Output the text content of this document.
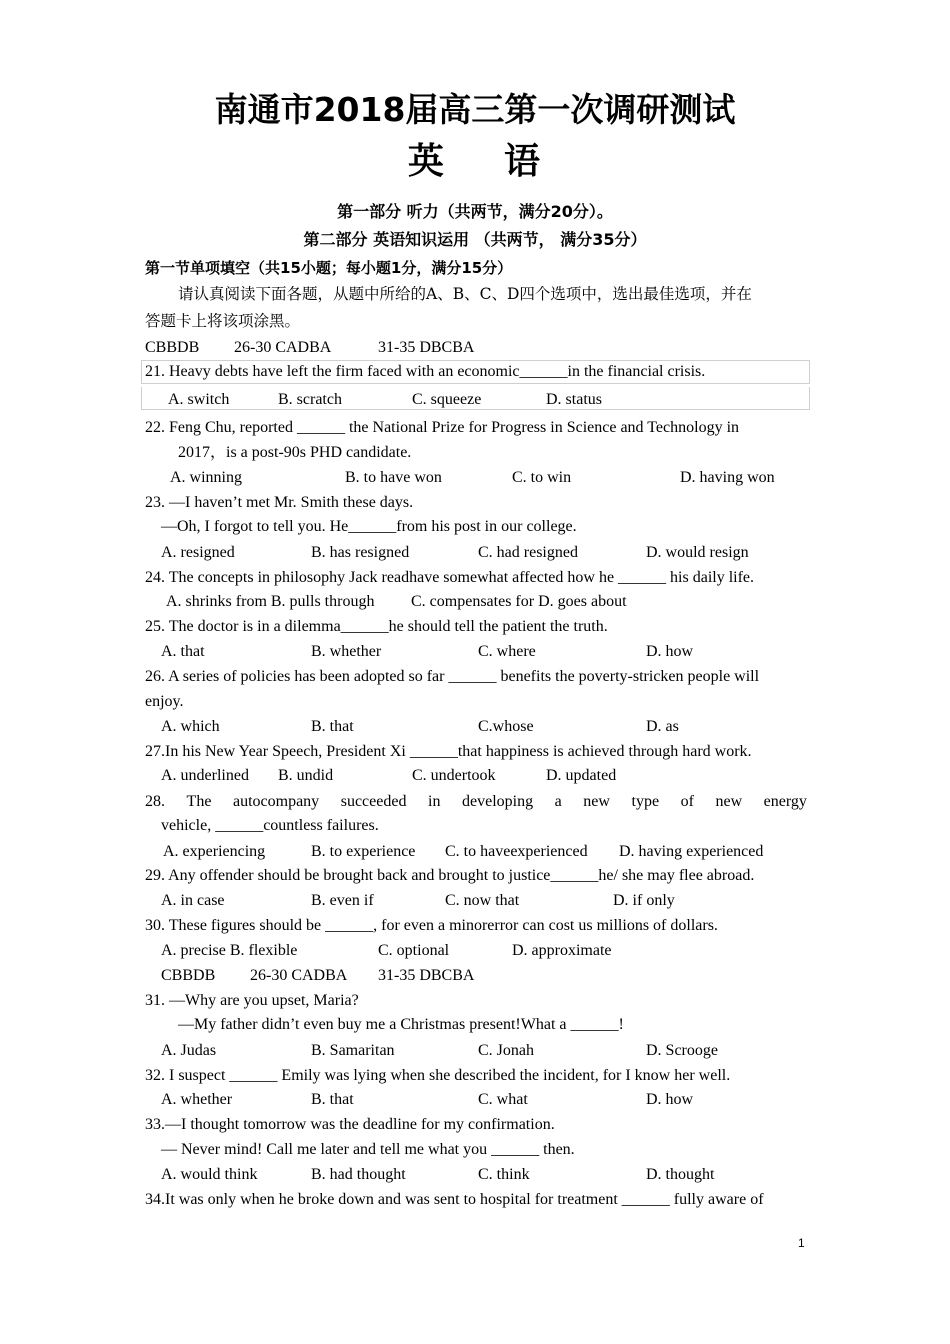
南通市2018届高三第一次调研测试
英    语
第一部分 听力（共两节，满分20分）。
第二部分 英语知识运用 （共两节， 满分35分）
第一节单项填空（共15小题；每小题1分，满分15分）
请认真阅读下面各题，从题中所给的A、B、C、D四个选项中，选出最佳选项，并在
答题卡上将该项涂黑。
CBBDB 26-30 CADBA	31-35 DBCBA
21. Heavy debts have left the firm faced with an economic______in the financial crisis.
A. switch	B. scratch	C. squeeze	D. status
22. Feng Chu, reported ______ the National Prize for Progress in Science and Technology in
2017，is a post-90s PHD candidate.
A. winning	B. to have won	C. to win	D. having won
23. —I haven’t met Mr. Smith these days.
—Oh, I forgot to tell you. He______from his post in our college.
A. resigned	B. has resigned	C. had resigned	D. would resign
24. The concepts in philosophy Jack readhave somewhat affected how he ______ his daily life.
A. shrinks from B. pulls through C. compensates for D. goes about
25. The doctor is in a dilemma______he should tell the patient the truth.
A. that	B. whether	C. where	D. how
26. A series of policies has been adopted so far ______ benefits the poverty-stricken people will
enjoy.
A. which	B. that	C.whose	D. as
27.In his New Year Speech, President Xi ______that happiness is achieved through hard work.
A. underlined B. undid	C. undertook	D. updated
28. The autocompany succeeded in developing a new type of new energy
vehicle, ______countless failures.
A. experiencing	B. to experience C. to haveexperienced D. having experienced
29. Any offender should be brought back and brought to justice______he/ she may flee abroad.
A. in case	B. even if	C. now that	D. if only
30. These figures should be ______, for even a minorerror can cost us millions of dollars.
A. precise B. flexible	C. optional	D. approximate
CBBDB 26-30 CADBA 31-35 DBCBA
31. —Why are you upset, Maria?
—My father didn’t even buy me a Christmas present!What a ______!
A. Judas	B. Samaritan	C. Jonah	D. Scrooge
32. I suspect ______ Emily was lying when she described the incident, for I know her well.
A. whether	B. that	C. what	D. how
33.—I thought tomorrow was the deadline for my confirmation.
— Never mind! Call me later and tell me what you ______ then.
A. would think	B. had thought	C. think	D. thought
34.It was only when he broke down and was sent to hospital for treatment ______ fully aware of
1
